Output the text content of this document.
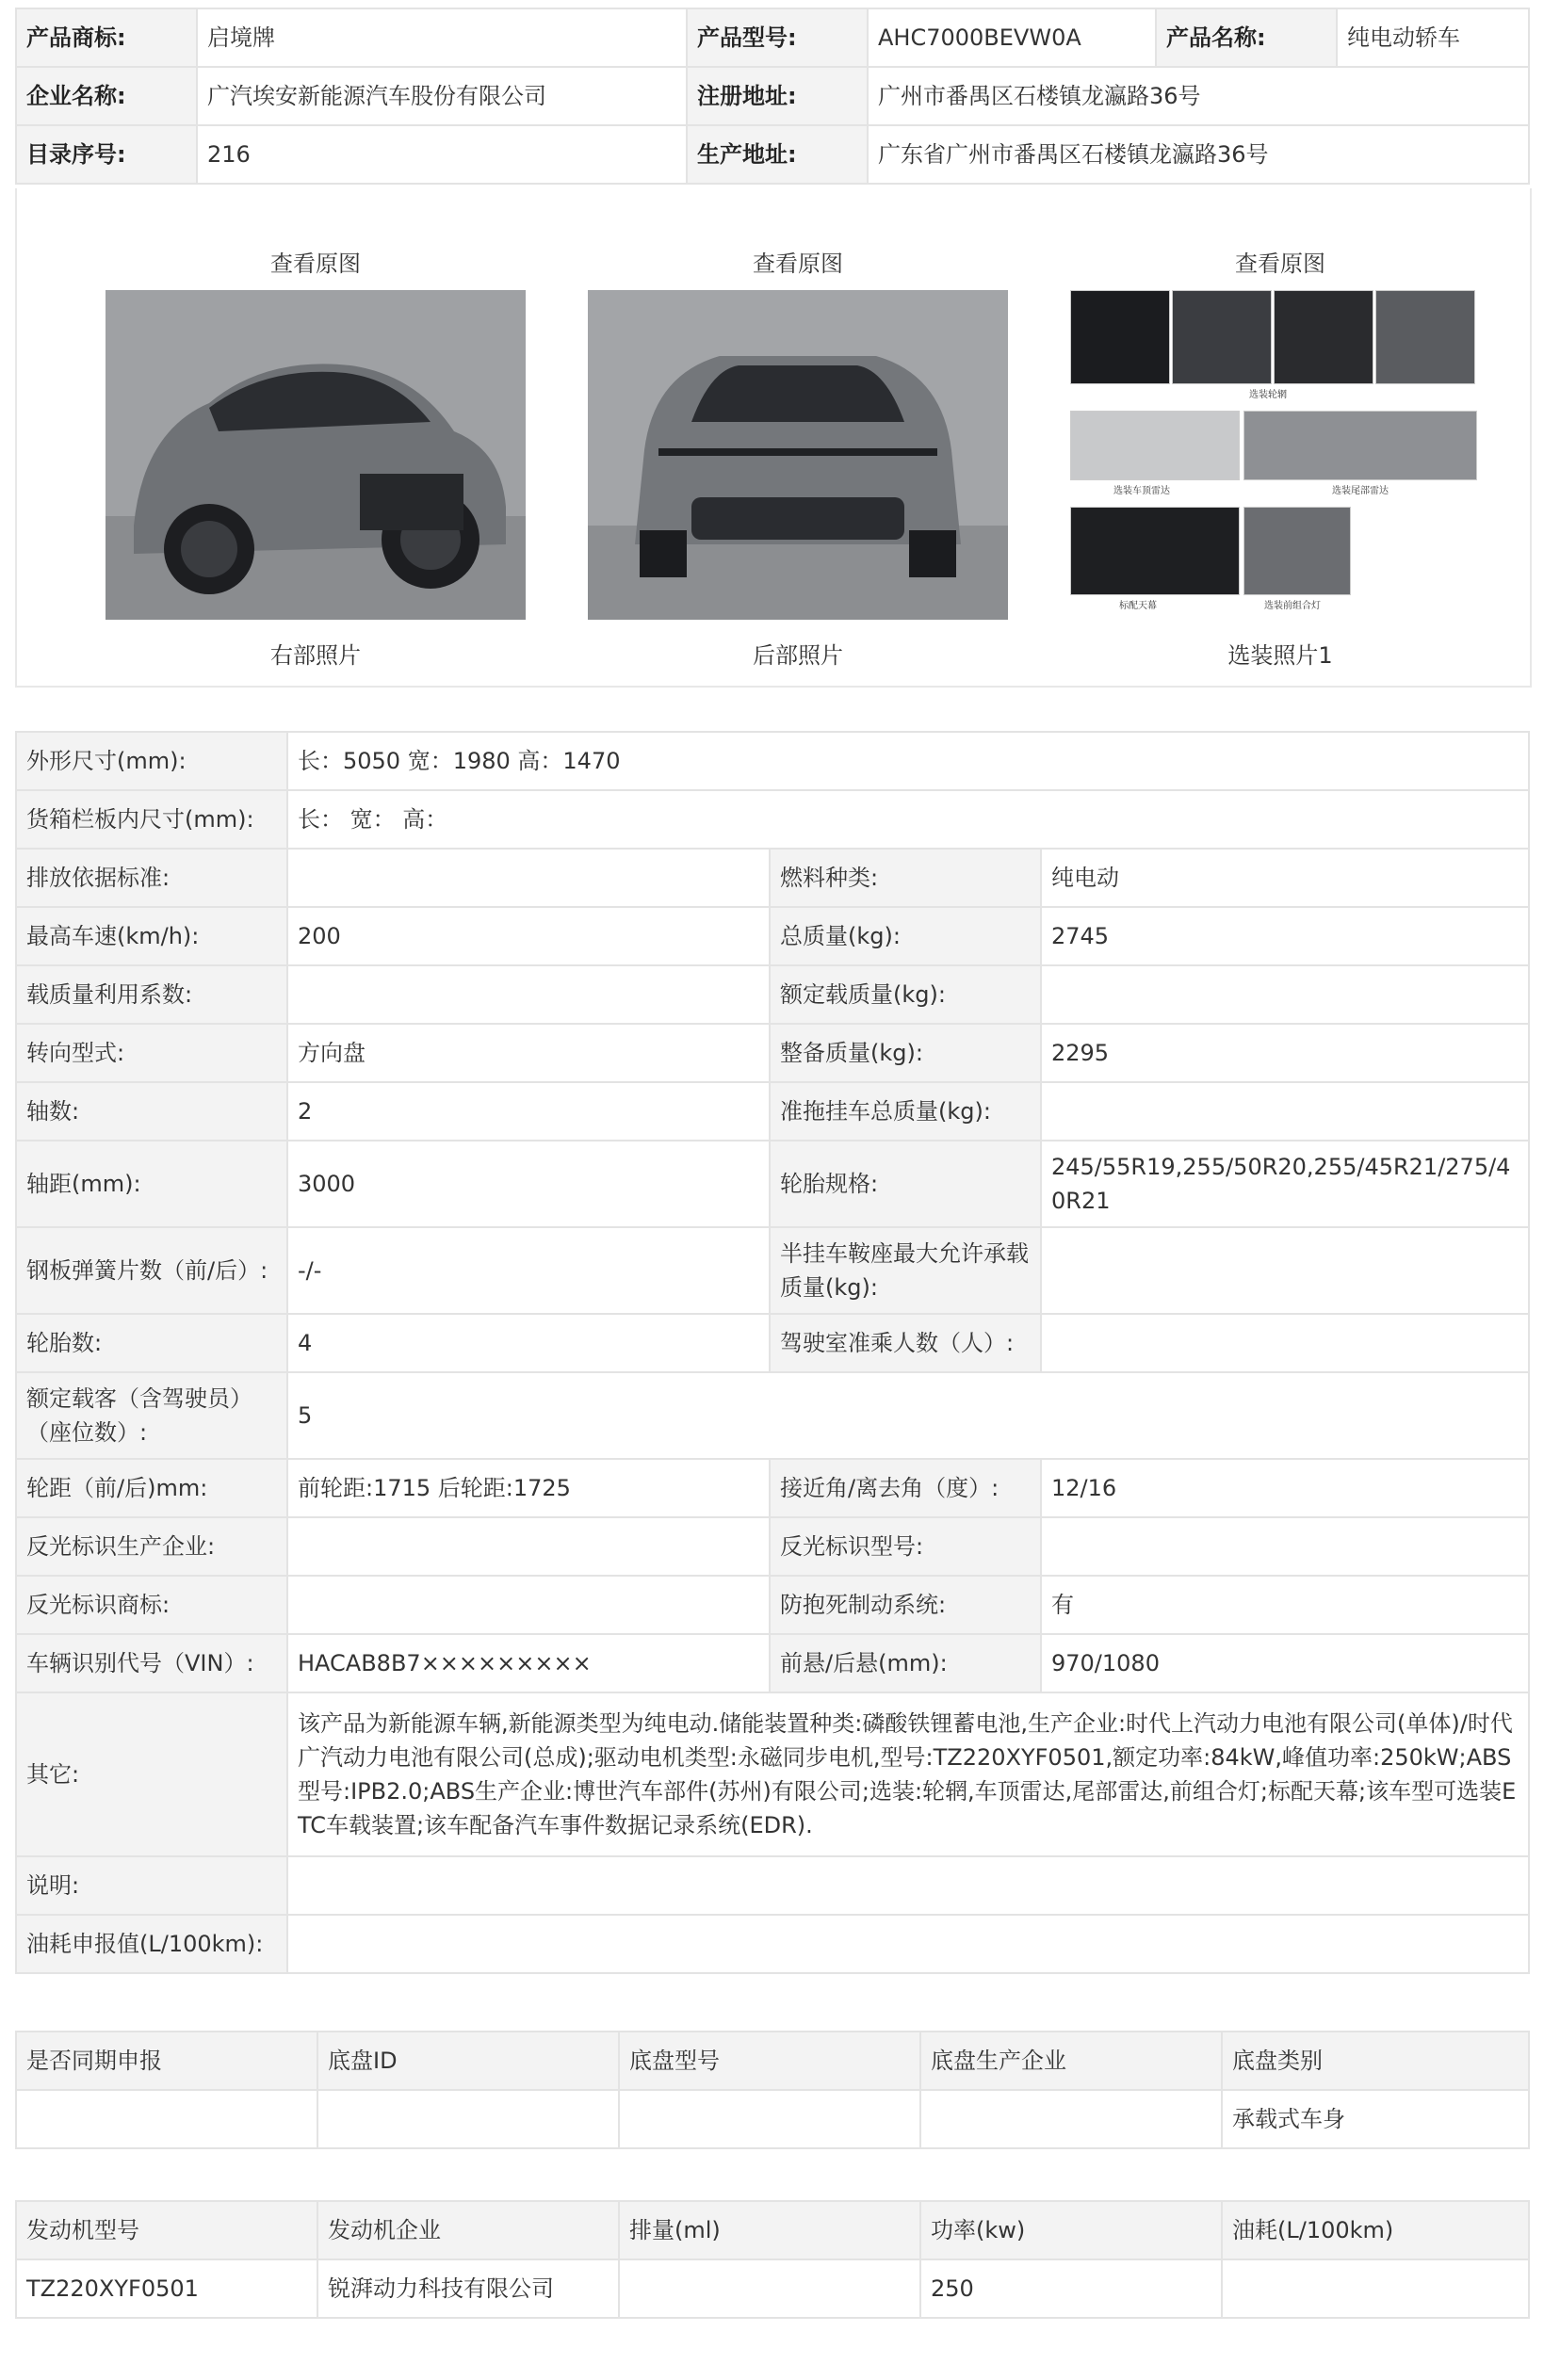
产品商标:	启境牌	产品型号:	AHC7000BEVW0A	产品名称:	纯电动轿车
企业名称:	广汽埃安新能源汽车股份有限公司	注册地址:	广州市番禺区石楼镇龙瀛路36号		
目录序号:	216	生产地址:	广东省广州市番禺区石楼镇龙瀛路36号		
查看原图
右部照片
查看原图
后部照片
查看原图
选装轮辋
选装车顶雷达	选装尾部雷达
标配天幕	选装前组合灯
选装照片1
外形尺寸(mm):	长：5050 宽：1980 高：1470		
货箱栏板内尺寸(mm):	长： 宽： 高：		
排放依据标准:		燃料种类:	纯电动
最高车速(km/h):	200	总质量(kg):	2745
载质量利用系数:		额定载质量(kg):	
转向型式:	方向盘	整备质量(kg):	2295
轴数:	2	准拖挂车总质量(kg):	
轴距(mm):	3000	轮胎规格:	245/55R19,255/50R20,255/45R21/275/40R21
钢板弹簧片数（前/后）:	-/-	半挂车鞍座最大允许承载质量(kg):	
轮胎数:	4	驾驶室准乘人数（人）:	
额定载客（含驾驶员）（座位数）:	5		
轮距（前/后)mm:	前轮距:1715 后轮距:1725	接近角/离去角（度）:	12/16
反光标识生产企业:		反光标识型号:	
反光标识商标:		防抱死制动系统:	有
车辆识别代号（VIN）:	HACAB8B7×××××××××	前悬/后悬(mm):	970/1080
其它:	该产品为新能源车辆,新能源类型为纯电动.储能装置种类:磷酸铁锂蓄电池,生产企业:时代上汽动力电池有限公司(单体)/时代广汽动力电池有限公司(总成);驱动电机类型:永磁同步电机,型号:TZ220XYF0501,额定功率:84kW,峰值功率:250kW;ABS型号:IPB2.0;ABS生产企业:博世汽车部件(苏州)有限公司;选装:轮辋,车顶雷达,尾部雷达,前组合灯;标配天幕;该车型可选装ETC车载装置;该车配备汽车事件数据记录系统(EDR).		
说明:			
油耗申报值(L/100km):			
是否同期申报	底盘ID	底盘型号	底盘生产企业	底盘类别
				承载式车身
发动机型号	发动机企业	排量(ml)	功率(kw)	油耗(L/100km)
TZ220XYF0501	锐湃动力科技有限公司		250	
